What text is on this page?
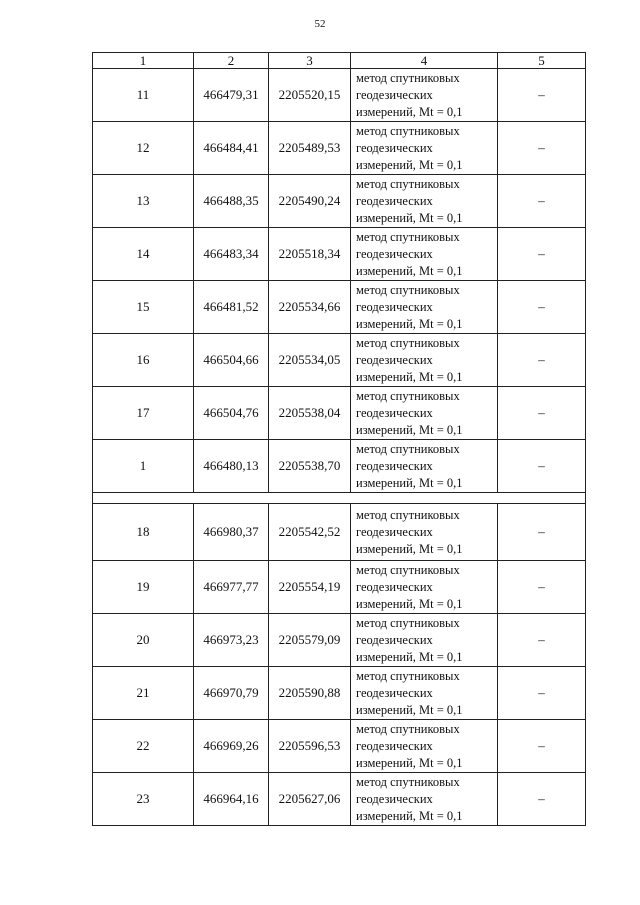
52
1	2	3	4	5
11	466479,31	2205520,15	метод спутниковых
геодезических
измерений, Mt = 0,1	–
12	466484,41	2205489,53	метод спутниковых
геодезических
измерений, Mt = 0,1	–
13	466488,35	2205490,24	метод спутниковых
геодезических
измерений, Mt = 0,1	–
14	466483,34	2205518,34	метод спутниковых
геодезических
измерений, Mt = 0,1	–
15	466481,52	2205534,66	метод спутниковых
геодезических
измерений, Mt = 0,1	–
16	466504,66	2205534,05	метод спутниковых
геодезических
измерений, Mt = 0,1	–
17	466504,76	2205538,04	метод спутниковых
геодезических
измерений, Mt = 0,1	–
1	466480,13	2205538,70	метод спутниковых
геодезических
измерений, Mt = 0,1	–

18	466980,37	2205542,52	метод спутниковых
геодезических
измерений, Mt = 0,1	–
19	466977,77	2205554,19	метод спутниковых
геодезических
измерений, Mt = 0,1	–
20	466973,23	2205579,09	метод спутниковых
геодезических
измерений, Mt = 0,1	–
21	466970,79	2205590,88	метод спутниковых
геодезических
измерений, Mt = 0,1	–
22	466969,26	2205596,53	метод спутниковых
геодезических
измерений, Mt = 0,1	–
23	466964,16	2205627,06	метод спутниковых
геодезических
измерений, Mt = 0,1	–
